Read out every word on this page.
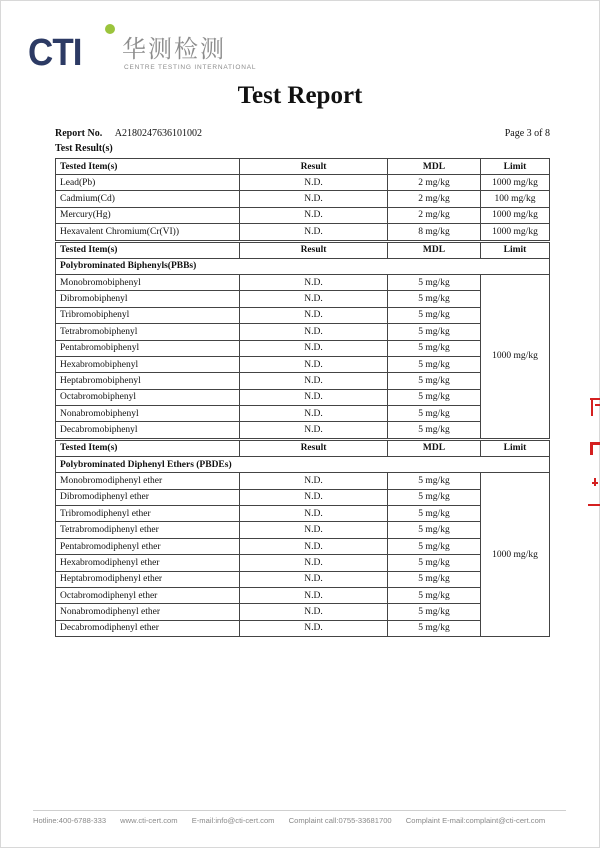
CTI 华测检测
CENTRE TESTING INTERNATIONAL
Test Report
Report No. A2180247636101002	Page 3 of 8
Test Result(s)
Tested Item(s)	Result	MDL	Limit
Lead(Pb)	N.D.	2 mg/kg	1000 mg/kg
Cadmium(Cd)	N.D.	2 mg/kg	100 mg/kg
Mercury(Hg)	N.D.	2 mg/kg	1000 mg/kg
Hexavalent Chromium(Cr(VI))	N.D.	8 mg/kg	1000 mg/kg
Tested Item(s)	Result	MDL	Limit
Polybrominated Biphenyls(PBBs)			
Monobromobiphenyl	N.D.	5 mg/kg	1000 mg/kg
Dibromobiphenyl	N.D.	5 mg/kg	
Tribromobiphenyl	N.D.	5 mg/kg	
Tetrabromobiphenyl	N.D.	5 mg/kg	
Pentabromobiphenyl	N.D.	5 mg/kg	
Hexabromobiphenyl	N.D.	5 mg/kg	
Heptabromobiphenyl	N.D.	5 mg/kg	
Octabromobiphenyl	N.D.	5 mg/kg	
Nonabromobiphenyl	N.D.	5 mg/kg	
Decabromobiphenyl	N.D.	5 mg/kg	
Tested Item(s)	Result	MDL	Limit
Polybrominated Diphenyl Ethers (PBDEs)			
Monobromodiphenyl ether	N.D.	5 mg/kg	1000 mg/kg
Dibromodiphenyl ether	N.D.	5 mg/kg	
Tribromodiphenyl ether	N.D.	5 mg/kg	
Tetrabromodiphenyl ether	N.D.	5 mg/kg	
Pentabromodiphenyl ether	N.D.	5 mg/kg	
Hexabromodiphenyl ether	N.D.	5 mg/kg	
Heptabromodiphenyl ether	N.D.	5 mg/kg	
Octabromodiphenyl ether	N.D.	5 mg/kg	
Nonabromodiphenyl ether	N.D.	5 mg/kg	
Decabromodiphenyl ether	N.D.	5 mg/kg	
Hotline:400-6788-333 www.cti-cert.com E-mail:info@cti-cert.com Complaint call:0755-33681700 Complaint E-mail:complaint@cti-cert.com
